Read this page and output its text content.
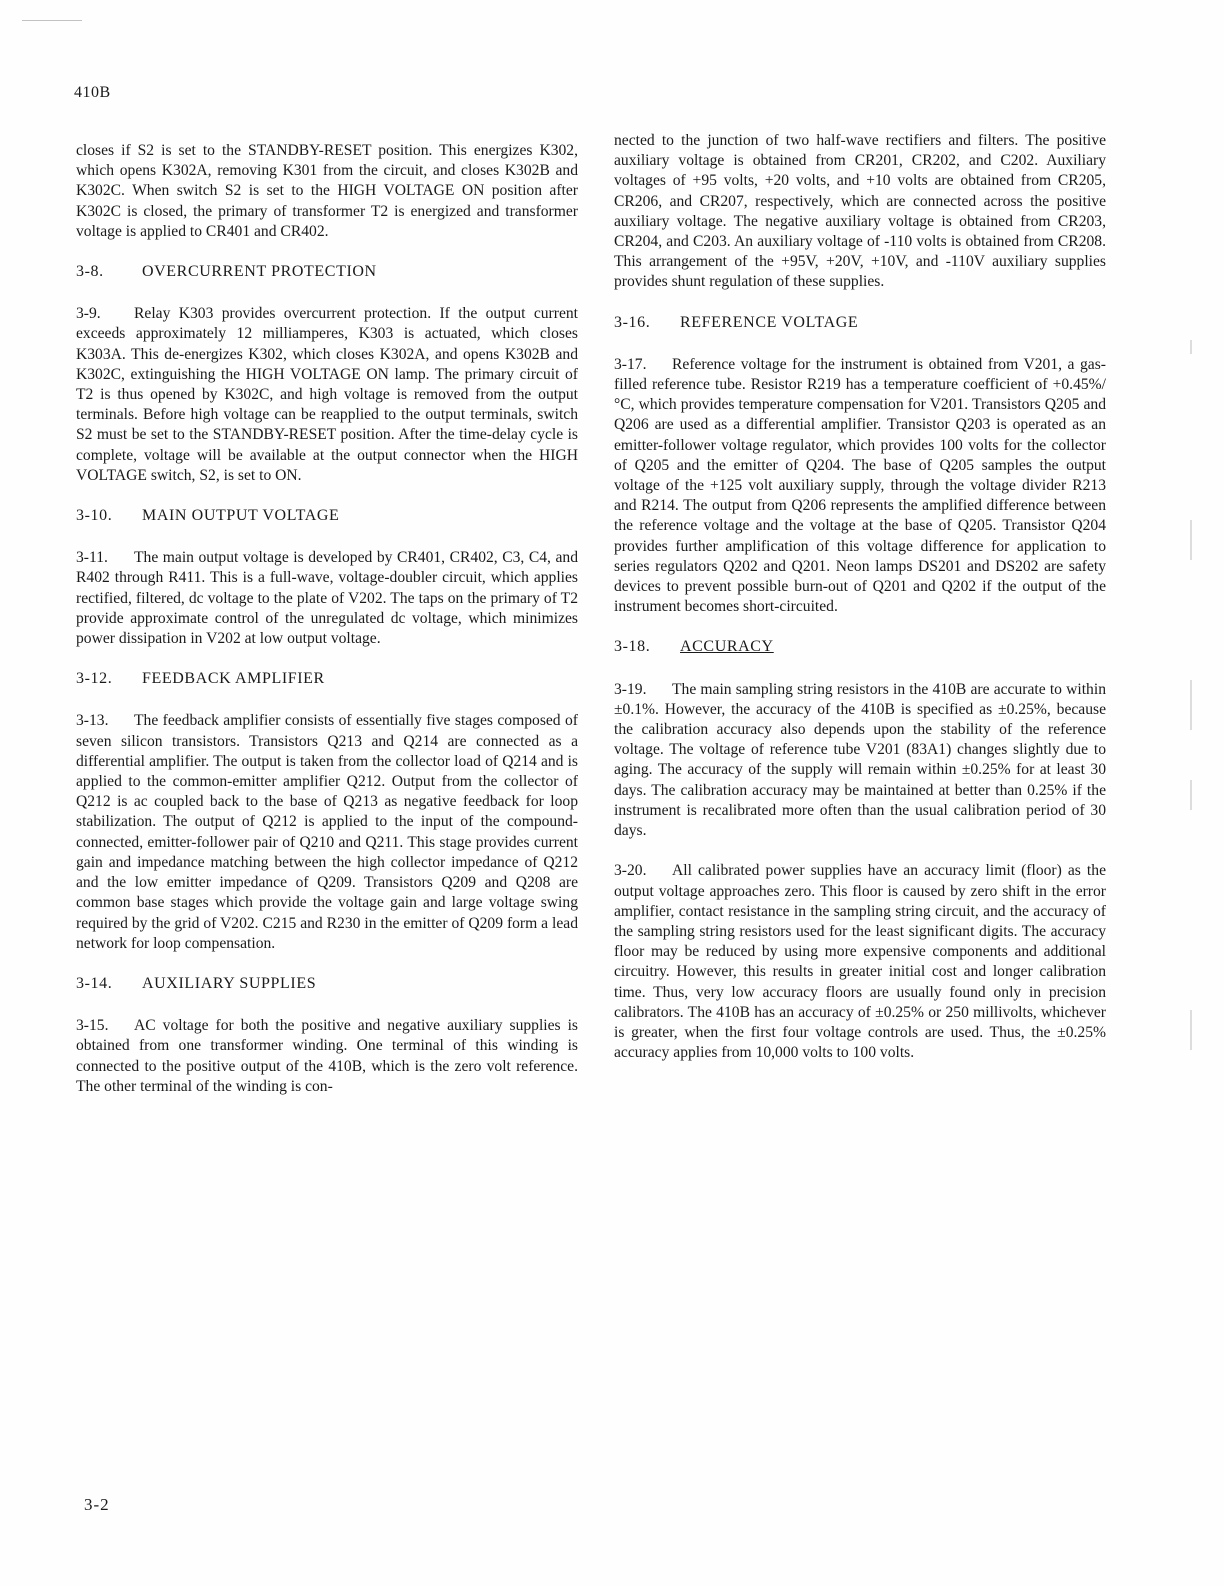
410B

closes if S2 is set to the STANDBY-RESET position. This energizes K302, which opens K302A, removing K301 from the circuit, and closes K302B and K302C. When switch S2 is set to the HIGH VOLTAGE ON position after K302C is closed, the primary of transformer T2 is energized and transformer voltage is applied to CR401 and CR402.

3-8. OVERCURRENT PROTECTION

3-9. Relay K303 provides overcurrent protection. If the output current exceeds approximately 12 milliamperes, K303 is actuated, which closes K303A. This de-energizes K302, which closes K302A, and opens K302B and K302C, extinguishing the HIGH VOLTAGE ON lamp. The primary circuit of T2 is thus opened by K302C, and high voltage is removed from the output terminals. Before high voltage can be reapplied to the output terminals, switch S2 must be set to the STANDBY-RESET position. After the time-delay cycle is complete, voltage will be available at the output connector when the HIGH VOLTAGE switch, S2, is set to ON.

3-10. MAIN OUTPUT VOLTAGE

3-11. The main output voltage is developed by CR401, CR402, C3, C4, and R402 through R411. This is a full-wave, voltage-doubler circuit, which applies rectified, filtered, dc voltage to the plate of V202. The taps on the primary of T2 provide approximate control of the unregulated dc voltage, which minimizes power dissipation in V202 at low output voltage.

3-12. FEEDBACK AMPLIFIER

3-13. The feedback amplifier consists of essentially five stages composed of seven silicon transistors. Transistors Q213 and Q214 are connected as a differential amplifier. The output is taken from the collector load of Q214 and is applied to the common-emitter amplifier Q212. Output from the collector of Q212 is ac coupled back to the base of Q213 as negative feedback for loop stabilization. The output of Q212 is applied to the input of the compound-connected, emitter-follower pair of Q210 and Q211. This stage provides current gain and impedance matching between the high collector impedance of Q212 and the low emitter impedance of Q209. Transistors Q209 and Q208 are common base stages which provide the voltage gain and large voltage swing required by the grid of V202. C215 and R230 in the emitter of Q209 form a lead network for loop compensation.

3-14. AUXILIARY SUPPLIES

3-15. AC voltage for both the positive and negative auxiliary supplies is obtained from one transformer winding. One terminal of this winding is connected to the positive output of the 410B, which is the zero volt reference. The other terminal of the winding is con-

nected to the junction of two half-wave rectifiers and filters. The positive auxiliary voltage is obtained from CR201, CR202, and C202. Auxiliary voltages of +95 volts, +20 volts, and +10 volts are obtained from CR205, CR206, and CR207, respectively, which are connected across the positive auxiliary voltage. The negative auxiliary voltage is obtained from CR203, CR204, and C203. An auxiliary voltage of -110 volts is obtained from CR208. This arrangement of the +95V, +20V, +10V, and -110V auxiliary supplies provides shunt regulation of these supplies.

3-16. REFERENCE VOLTAGE

3-17. Reference voltage for the instrument is obtained from V201, a gas-filled reference tube. Resistor R219 has a temperature coefficient of +0.45%/°C, which provides temperature compensation for V201. Transistors Q205 and Q206 are used as a differential amplifier. Transistor Q203 is operated as an emitter-follower voltage regulator, which provides 100 volts for the collector of Q205 and the emitter of Q204. The base of Q205 samples the output voltage of the +125 volt auxiliary supply, through the voltage divider R213 and R214. The output from Q206 represents the amplified difference between the reference voltage and the voltage at the base of Q205. Transistor Q204 provides further amplification of this voltage difference for application to series regulators Q202 and Q201. Neon lamps DS201 and DS202 are safety devices to prevent possible burn-out of Q201 and Q202 if the output of the instrument becomes short-circuited.

3-18. ACCURACY

3-19. The main sampling string resistors in the 410B are accurate to within ±0.1%. However, the accuracy of the 410B is specified as ±0.25%, because the calibration accuracy also depends upon the stability of the reference voltage. The voltage of reference tube V201 (83A1) changes slightly due to aging. The accuracy of the supply will remain within ±0.25% for at least 30 days. The calibration accuracy may be maintained at better than 0.25% if the instrument is recalibrated more often than the usual calibration period of 30 days.

3-20. All calibrated power supplies have an accuracy limit (floor) as the output voltage approaches zero. This floor is caused by zero shift in the error amplifier, contact resistance in the sampling string circuit, and the accuracy of the sampling string resistors used for the least significant digits. The accuracy floor may be reduced by using more expensive components and additional circuitry. However, this results in greater initial cost and longer calibration time. Thus, very low accuracy floors are usually found only in precision calibrators. The 410B has an accuracy of ±0.25% or 250 millivolts, whichever is greater, when the first four voltage controls are used. Thus, the ±0.25% accuracy applies from 10,000 volts to 100 volts.

3-2
